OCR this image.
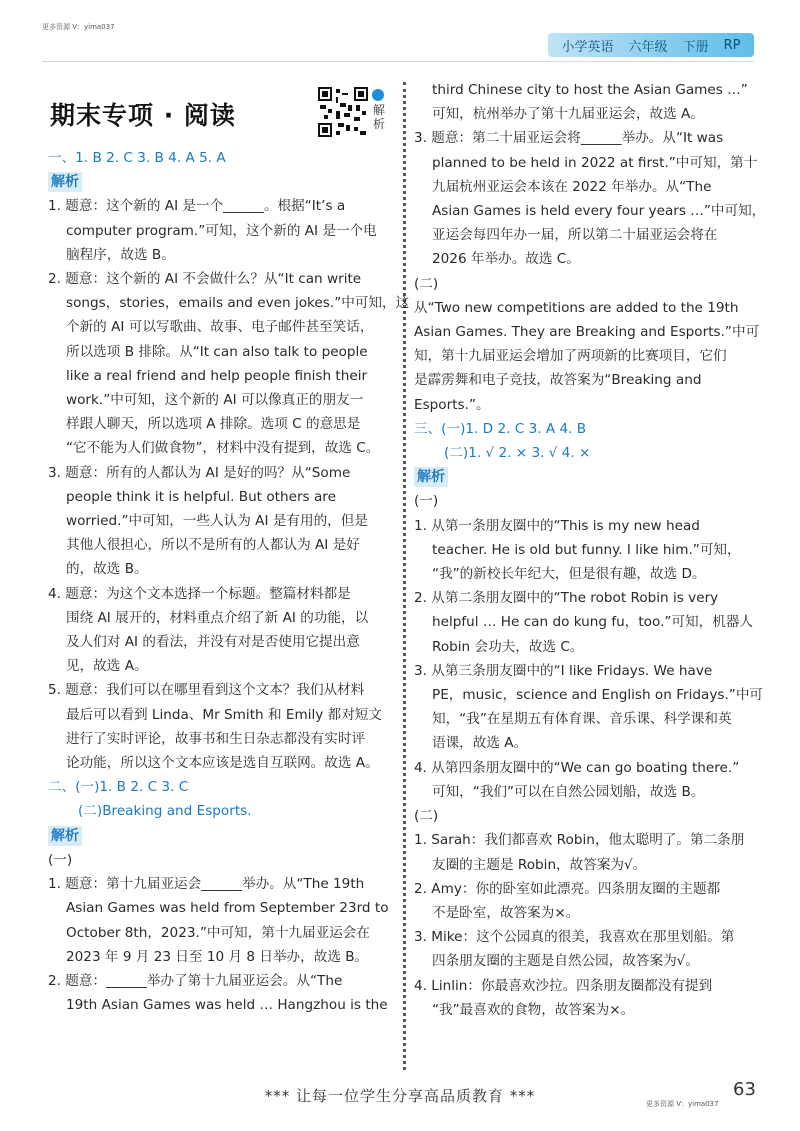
更多资源 V：yima037
小学英语 六年级 下册 RP
期末专项 · 阅读	解析
一、1. B 2. C 3. B 4. A 5. A
解析
1. 题意：这个新的 AI 是一个______。根据“It’s a
computer program.”可知，这个新的 AI 是一个电
脑程序，故选 B。
2. 题意：这个新的 AI 不会做什么？从“It can write
songs，stories，emails and even jokes.”中可知，这
个新的 AI 可以写歌曲、故事、电子邮件甚至笑话，
所以选项 B 排除。从“It can also talk to people
like a real friend and help people finish their
work.”中可知，这个新的 AI 可以像真正的朋友一
样跟人聊天，所以选项 A 排除。选项 C 的意思是
“它不能为人们做食物”，材料中没有提到，故选 C。
3. 题意：所有的人都认为 AI 是好的吗？从“Some
people think it is helpful. But others are
worried.”中可知，一些人认为 AI 是有用的，但是
其他人很担心，所以不是所有的人都认为 AI 是好
的，故选 B。
4. 题意：为这个文本选择一个标题。整篇材料都是
围绕 AI 展开的，材料重点介绍了新 AI 的功能，以
及人们对 AI 的看法，并没有对是否使用它提出意
见，故选 A。
5. 题意：我们可以在哪里看到这个文本？我们从材料
最后可以看到 Linda、Mr Smith 和 Emily 都对短文
进行了实时评论，故事书和生日杂志都没有实时评
论功能，所以这个文本应该是选自互联网。故选 A。
二、(一)1. B 2. C 3. C
(二)Breaking and Esports.
解析
(一)
1. 题意：第十九届亚运会______举办。从“The 19th
Asian Games was held from September 23rd to
October 8th，2023.”中可知，第十九届亚运会在
2023 年 9 月 23 日至 10 月 8 日举办，故选 B。
2. 题意：______举办了第十九届亚运会。从“The
19th Asian Games was held … Hangzhou is the
third Chinese city to host the Asian Games …”
可知，杭州举办了第十九届亚运会，故选 A。
3. 题意：第二十届亚运会将______举办。从“It was
planned to be held in 2022 at first.”中可知，第十
九届杭州亚运会本该在 2022 年举办。从“The
Asian Games is held every four years …”中可知，
亚运会每四年办一届，所以第二十届亚运会将在
2026 年举办。故选 C。
(二)
从“Two new competitions are added to the 19th
Asian Games. They are Breaking and Esports.”中可
知，第十九届亚运会增加了两项新的比赛项目，它们
是霹雳舞和电子竞技，故答案为“Breaking and
Esports.”。
三、(一)1. D 2. C 3. A 4. B
(二)1. √ 2. × 3. √ 4. ×
解析
(一)
1. 从第一条朋友圈中的“This is my new head
teacher. He is old but funny. I like him.”可知，
“我”的新校长年纪大，但是很有趣，故选 D。
2. 从第二条朋友圈中的“The robot Robin is very
helpful … He can do kung fu，too.”可知，机器人
Robin 会功夫，故选 C。
3. 从第三条朋友圈中的“I like Fridays. We have
PE，music，science and English on Fridays.”中可
知，“我”在星期五有体育课、音乐课、科学课和英
语课，故选 A。
4. 从第四条朋友圈中的“We can go boating there.”
可知，“我们”可以在自然公园划船，故选 B。
(二)
1. Sarah：我们都喜欢 Robin，他太聪明了。第二条朋
友圈的主题是 Robin，故答案为√。
2. Amy：你的卧室如此漂亮。四条朋友圈的主题都
不是卧室，故答案为×。
3. Mike：这个公园真的很美，我喜欢在那里划船。第
四条朋友圈的主题是自然公园，故答案为√。
4. Linlin：你最喜欢沙拉。四条朋友圈都没有提到
“我”最喜欢的食物，故答案为×。
*** 让每一位学生分享高品质教育 ***	63
更多资源 V：yima037
